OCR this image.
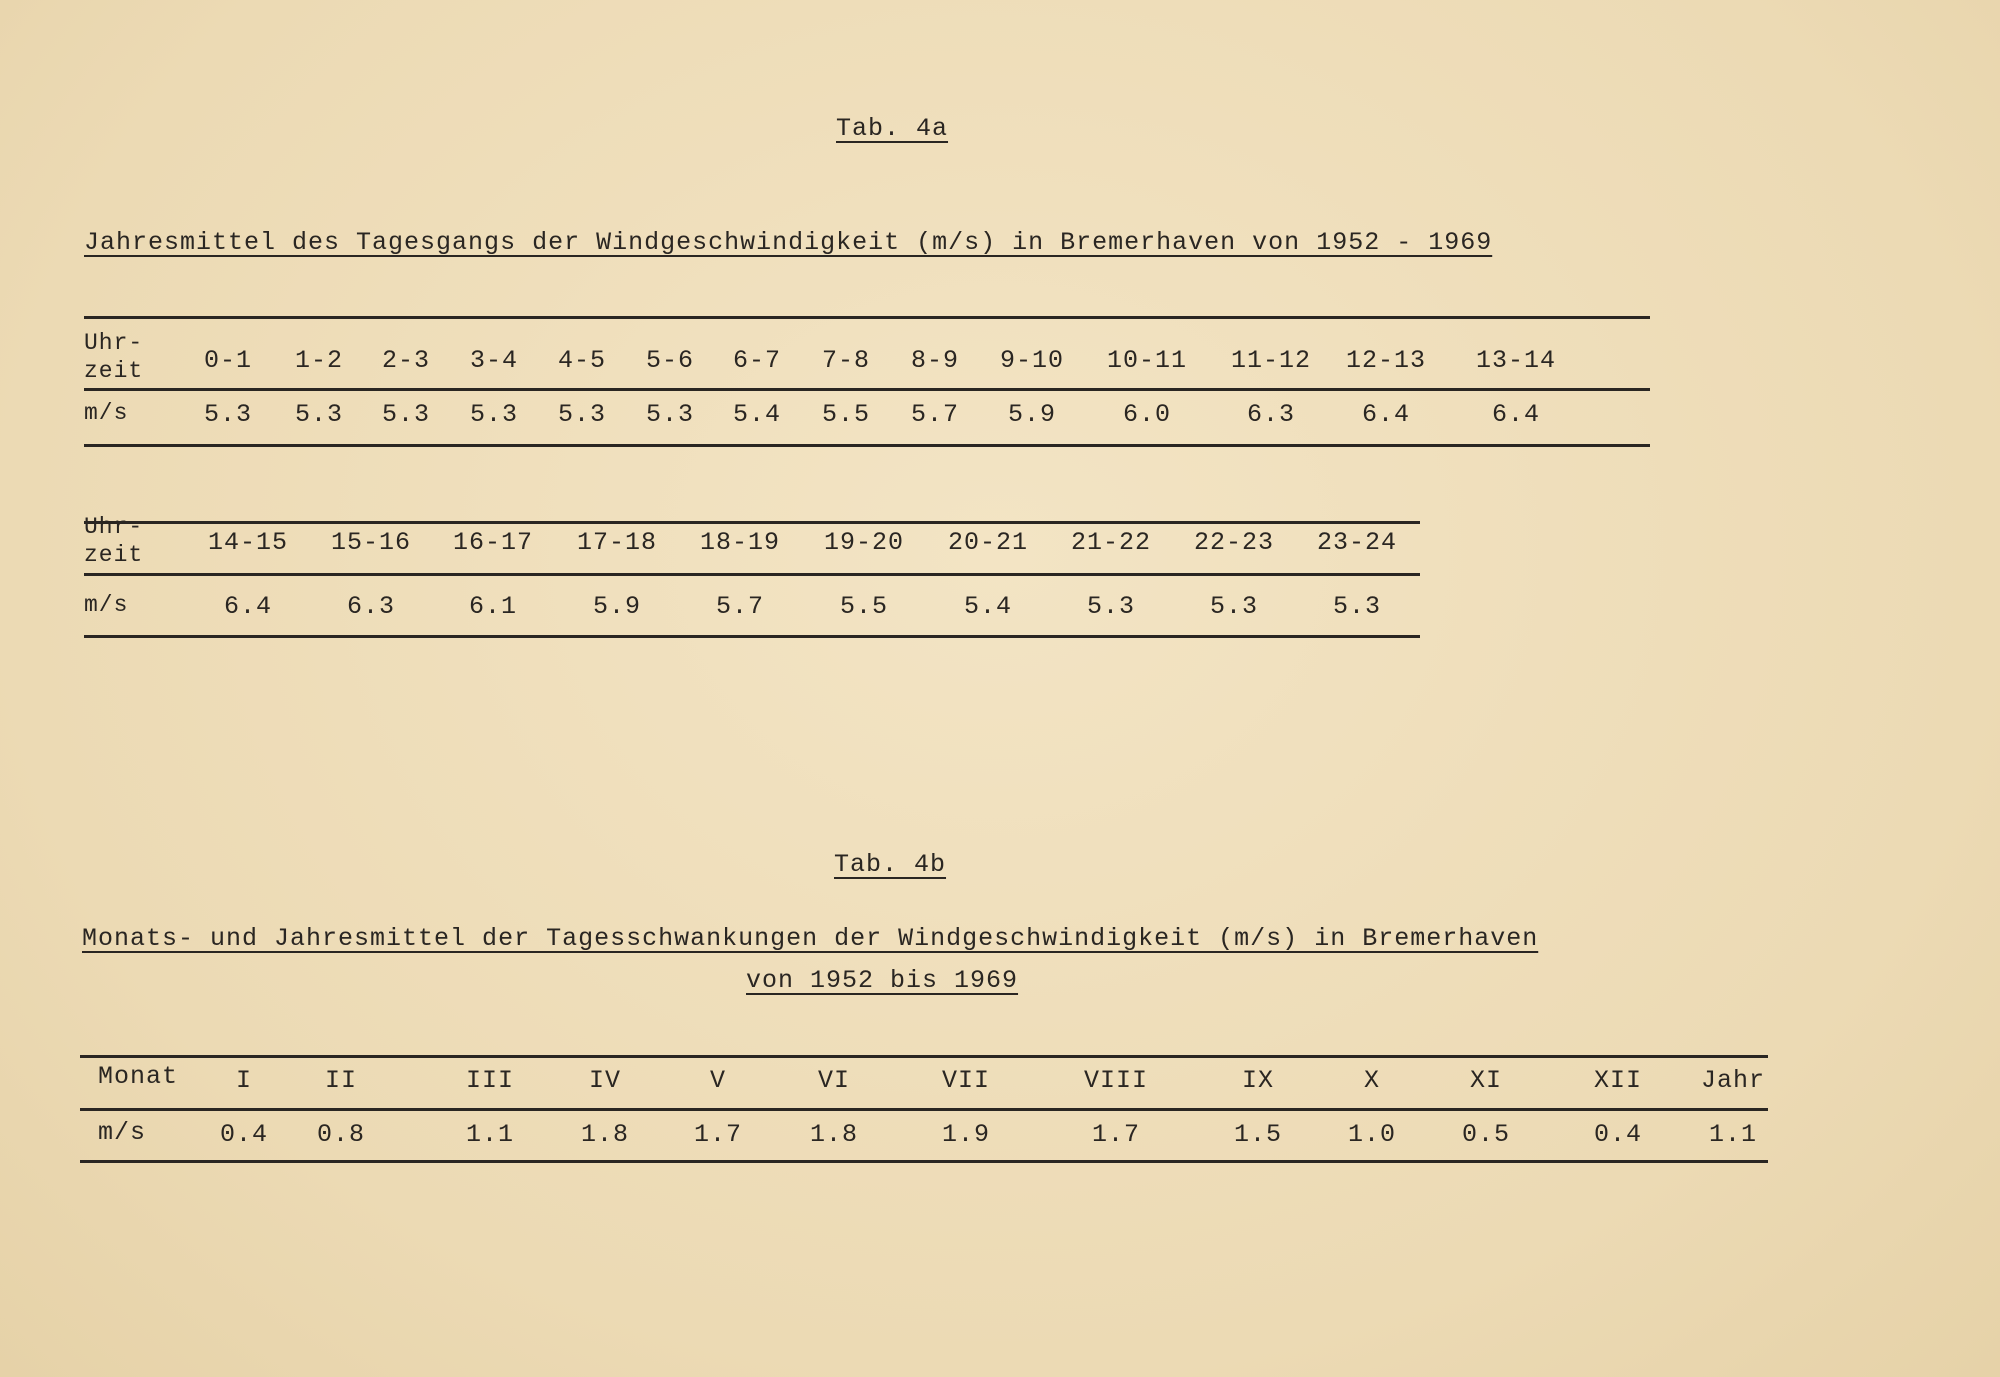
Tab. 4a
Jahresmittel des Tagesgangs der Windgeschwindigkeit (m/s) in Bremerhaven von 1952 - 1969
Uhr-
zeit 0-1 1-2 2-3 3-4 4-5 5-6 6-7 7-8 8-9 9-10 10-11 11-12 12-13 13-14
m/s	5.3 5.3 5.3 5.3 5.3 5.3 5.4 5.5 5.7 5.9	6.0	6.3	6.4	6.4
Uhr-
zeit	14-15 15-16 16-17 17-18 18-19 19-20 20-21 21-22 22-23 23-24
m/s	6.4	6.3	6.1	5.9	5.7	5.5	5.4	5.3	5.3	5.3
Tab. 4b
Monats- und Jahresmittel der Tagesschwankungen der Windgeschwindigkeit (m/s) in Bremerhaven
von 1952 bis 1969
Monat I	II	III	IV	V	VI	VII	VIII	IX	X	XI	XII Jahr
m/s	0.4 0.8	1.1	1.8	1.7	1.8	1.9	1.7	1.5	1.0	0.5	0.4	1.1
